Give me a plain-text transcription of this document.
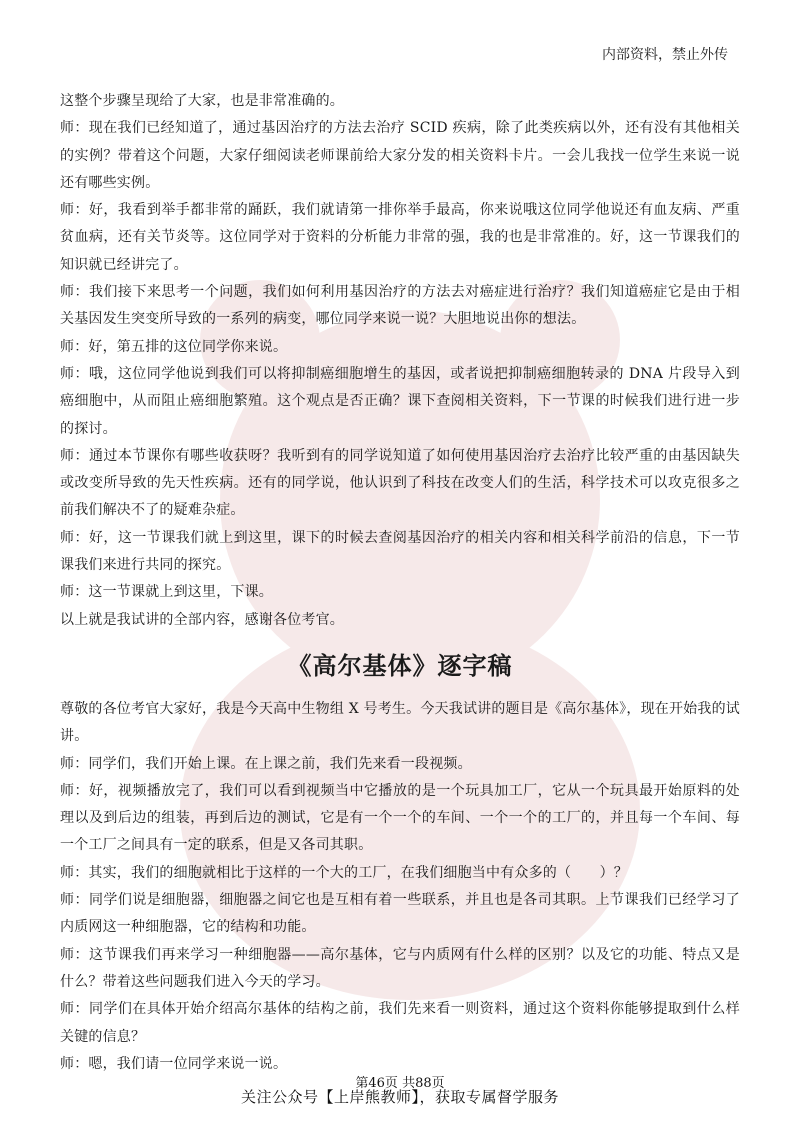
内部资料，禁止外传

这整个步骤呈现给了大家，也是非常准确的。

师：现在我们已经知道了，通过基因治疗的方法去治疗 SCID 疾病，除了此类疾病以外，还有没有其他相关的实例？带着这个问题，大家仔细阅读老师课前给大家分发的相关资料卡片。一会儿我找一位学生来说一说还有哪些实例。

师：好，我看到举手都非常的踊跃，我们就请第一排你举手最高，你来说哦这位同学他说还有血友病、严重贫血病，还有关节炎等。这位同学对于资料的分析能力非常的强，我的也是非常准的。好，这一节课我们的知识就已经讲完了。

师：我们接下来思考一个问题，我们如何利用基因治疗的方法去对癌症进行治疗？我们知道癌症它是由于相关基因发生突变所导致的一系列的病变，哪位同学来说一说？大胆地说出你的想法。

师：好，第五排的这位同学你来说。

师：哦，这位同学他说到我们可以将抑制癌细胞增生的基因，或者说把抑制癌细胞转录的 DNA 片段导入到癌细胞中，从而阻止癌细胞繁殖。这个观点是否正确？课下查阅相关资料，下一节课的时候我们进行进一步的探讨。

师：通过本节课你有哪些收获呀？我听到有的同学说知道了如何使用基因治疗去治疗比较严重的由基因缺失或改变所导致的先天性疾病。还有的同学说，他认识到了科技在改变人们的生活，科学技术可以攻克很多之前我们解决不了的疑难杂症。

师：好，这一节课我们就上到这里，课下的时候去查阅基因治疗的相关内容和相关科学前沿的信息，下一节课我们来进行共同的探究。

师：这一节课就上到这里，下课。

以上就是我试讲的全部内容，感谢各位考官。

《高尔基体》逐字稿

尊敬的各位考官大家好，我是今天高中生物组 X 号考生。今天我试讲的题目是《高尔基体》，现在开始我的试讲。

师：同学们，我们开始上课。在上课之前，我们先来看一段视频。

师：好，视频播放完了，我们可以看到视频当中它播放的是一个玩具加工厂，它从一个玩具最开始原料的处理以及到后边的组装，再到后边的测试，它是有一个一个的车间、一个一个的工厂的，并且每一个车间、每一个工厂之间具有一定的联系，但是又各司其职。

师：其实，我们的细胞就相比于这样的一个大的工厂，在我们细胞当中有众多的（　　）？

师：同学们说是细胞器，细胞器之间它也是互相有着一些联系，并且也是各司其职。上节课我们已经学习了内质网这一种细胞器，它的结构和功能。

师：这节课我们再来学习一种细胞器——高尔基体，它与内质网有什么样的区别？以及它的功能、特点又是什么？带着这些问题我们进入今天的学习。

师：同学们在具体开始介绍高尔基体的结构之前，我们先来看一则资料，通过这个资料你能够提取到什么样关键的信息？

师：嗯，我们请一位同学来说一说。

第46页 共88页
关注公众号【上岸熊教师】，获取专属督学服务
